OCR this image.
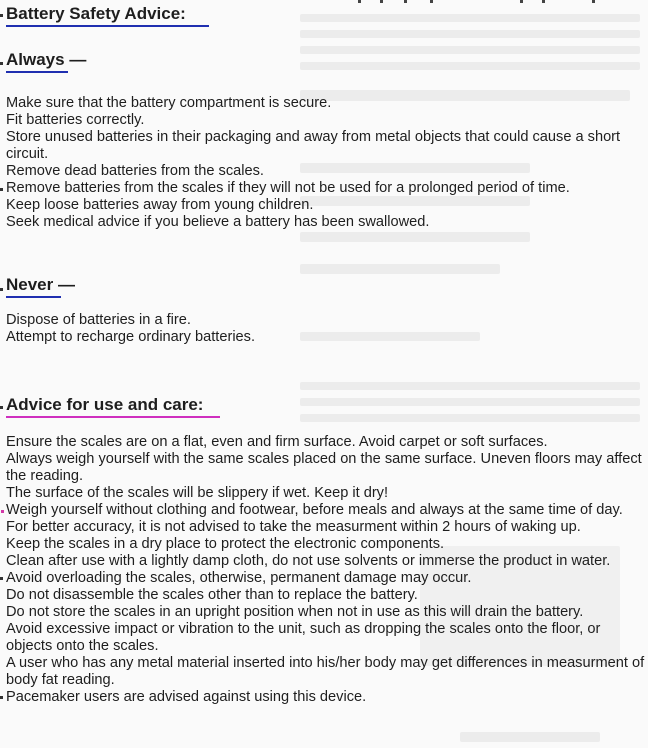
Battery Safety Advice:
Always —
Make sure that the battery compartment is secure.
Fit batteries correctly.
Store unused batteries in their packaging and away from metal objects that could cause a short circuit.
Remove dead batteries from the scales.
Remove batteries from the scales if they will not be used for a prolonged period of time.
Keep loose batteries away from young children.
Seek medical advice if you believe a battery has been swallowed.
Never —
Dispose of batteries in a fire.
Attempt to recharge ordinary batteries.
Advice for use and care:
Ensure the scales are on a flat, even and firm surface. Avoid carpet or soft surfaces.
Always weigh yourself with the same scales placed on the same surface. Uneven floors may affect the reading.
The surface of the scales will be slippery if wet. Keep it dry!
Weigh yourself without clothing and footwear, before meals and always at the same time of day.
For better accuracy, it is not advised to take the measurment within 2 hours of waking up.
Keep the scales in a dry place to protect the electronic components.
Clean after use with a lightly damp cloth, do not use solvents or immerse the product in water.
Avoid overloading the scales, otherwise, permanent damage may occur.
Do not disassemble the scales other than to replace the battery.
Do not store the scales in an upright position when not in use as this will drain the battery.
Avoid excessive impact or vibration to the unit, such as dropping the scales onto the floor, or objects onto the scales.
A user who has any metal material inserted into his/her body may get differences in measurment of body fat reading.
Pacemaker users are advised against using this device.
